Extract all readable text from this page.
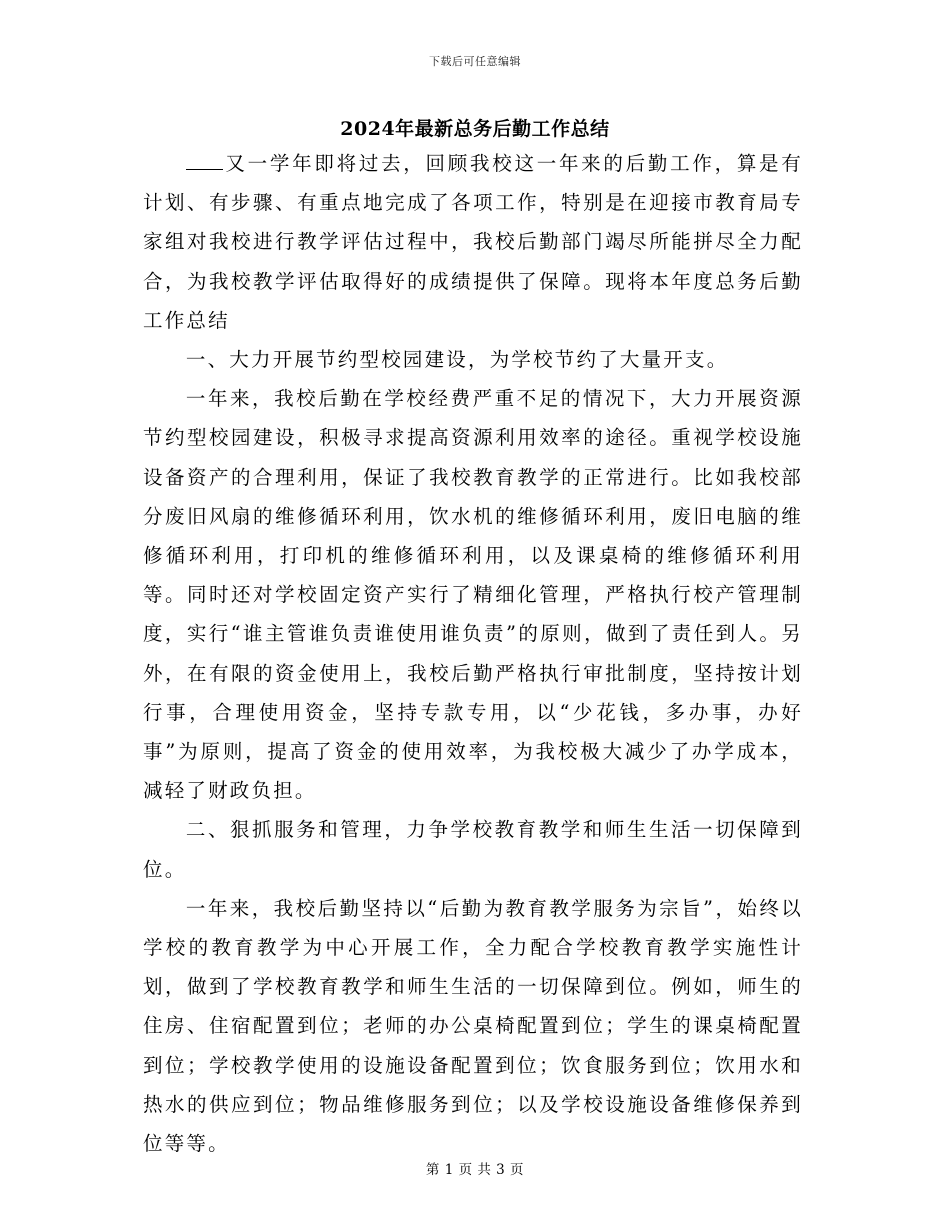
下载后可任意编辑
2024年最新总务后勤工作总结

又一学年即将过去，回顾我校这一年来的后勤工作，算是有计划、有步骤、有重点地完成了各项工作，特别是在迎接市教育局专家组对我校进行教学评估过程中，我校后勤部门竭尽所能拼尽全力配合，为我校教学评估取得好的成绩提供了保障。现将本年度总务后勤工作总结

一、大力开展节约型校园建设，为学校节约了大量开支。

一年来，我校后勤在学校经费严重不足的情况下，大力开展资源节约型校园建设，积极寻求提高资源利用效率的途径。重视学校设施设备资产的合理利用，保证了我校教育教学的正常进行。比如我校部分废旧风扇的维修循环利用，饮水机的维修循环利用，废旧电脑的维修循环利用，打印机的维修循环利用，以及课桌椅的维修循环利用等。同时还对学校固定资产实行了精细化管理，严格执行校产管理制度，实行“谁主管谁负责谁使用谁负责”的原则，做到了责任到人。另外，在有限的资金使用上，我校后勤严格执行审批制度，坚持按计划行事，合理使用资金，坚持专款专用，以“少花钱，多办事，办好事”为原则，提高了资金的使用效率，为我校极大减少了办学成本，减轻了财政负担。

二、狠抓服务和管理，力争学校教育教学和师生生活一切保障到位。

一年来，我校后勤坚持以“后勤为教育教学服务为宗旨”，始终以学校的教育教学为中心开展工作，全力配合学校教育教学实施性计划，做到了学校教育教学和师生生活的一切保障到位。例如，师生的住房、住宿配置到位；老师的办公桌椅配置到位；学生的课桌椅配置到位；学校教学使用的设施设备配置到位；饮食服务到位；饮用水和热水的供应到位；物品维修服务到位；以及学校设施设备维修保养到位等等。

第 1 页 共 3 页
